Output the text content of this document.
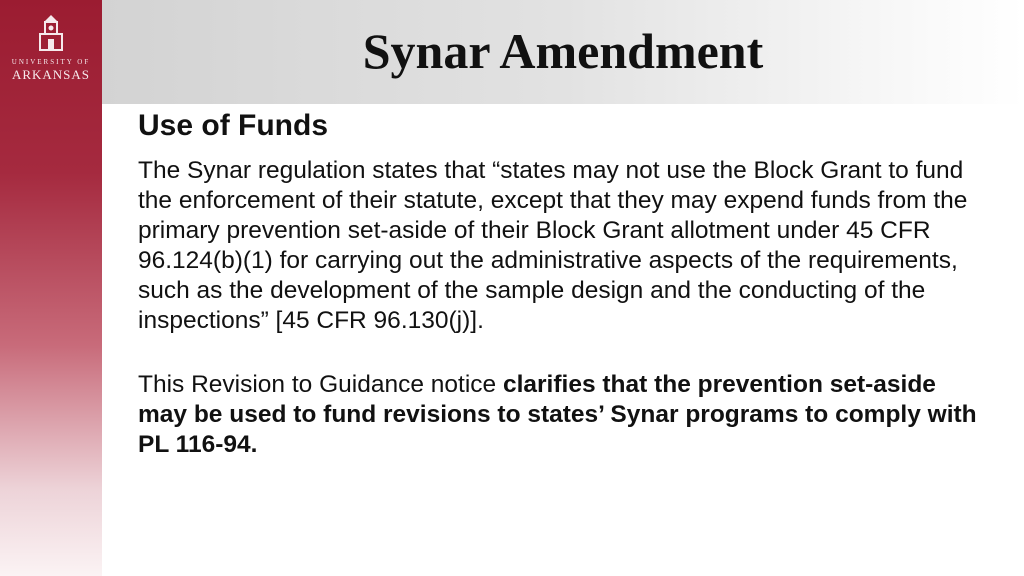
UNIVERSITY OF
ARKANSAS	Synar Amendment
Use of Funds

The Synar regulation states that “states may not use the Block Grant to fund the enforcement of their statute, except that they may expend funds from the primary prevention set-aside of their Block Grant allotment under 45 CFR 96.124(b)(1) for carrying out the administrative aspects of the requirements, such as the development of the sample design and the conducting of the inspections” [45 CFR 96.130(j)].

This Revision to Guidance notice clarifies that the prevention set-aside may be used to fund revisions to states’ Synar programs to comply with PL 116-94.
